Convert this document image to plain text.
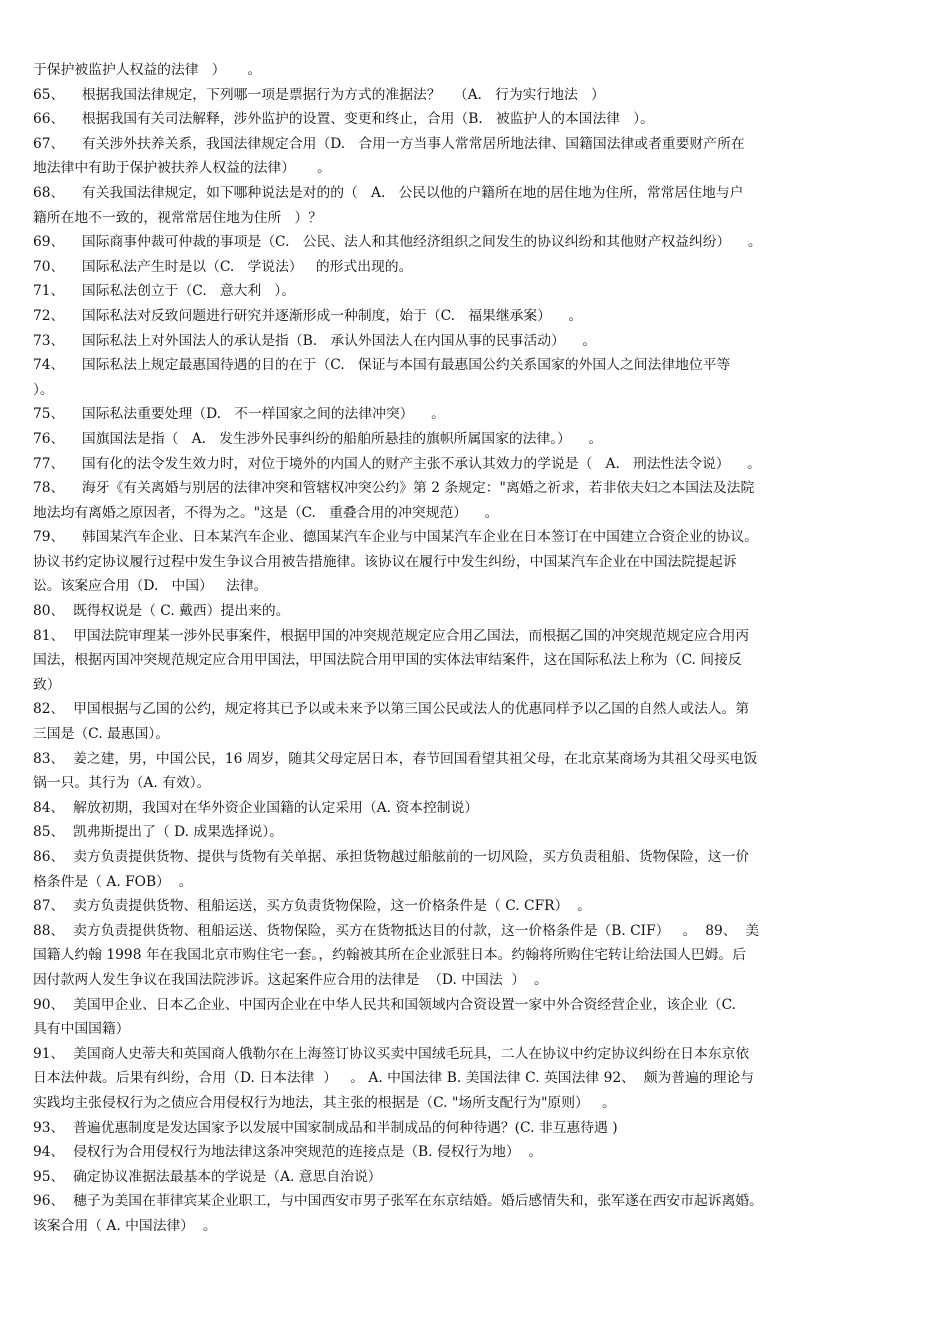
于保护被监护人权益的法律   ）     。
65、    根据我国法律规定，下列哪一项是票据行为方式的准据法？   （A.   行为实行地法   ）
66、    根据我国有关司法解释，涉外监护的设置、变更和终止，合用（B.   被监护人的本国法律   ）。
67、    有关涉外扶养关系，我国法律规定合用（D.   合用一方当事人常常居所地法律、国籍国法律或者重要财产所在
地法律中有助于保护被扶养人权益的法律）     。
68、    有关我国法律规定，如下哪种说法是对的的（   A.   公民以他的户籍所在地的居住地为住所，常常居住地与户
籍所在地不一致的，视常常居住地为住所   ）？
69、    国际商事仲裁可仲裁的事项是（C.   公民、法人和其他经济组织之间发生的协议纠纷和其他财产权益纠纷）    。
70、    国际私法产生时是以（C.   学说法）   的形式出现的。
71、    国际私法创立于（C.   意大利   ）。
72、    国际私法对反致问题进行研究并逐渐形成一种制度，始于（C.   福果继承案）    。
73、    国际私法上对外国法人的承认是指（B.   承认外国法人在内国从事的民事活动）    。
74、    国际私法上规定最惠国待遇的目的在于（C.   保证与本国有最惠国公约关系国家的外国人之间法律地位平等
）。
75、    国际私法重要处理（D.   不一样国家之间的法律冲突）    。
76、    国旗国法是指（   A.   发生涉外民事纠纷的船舶所悬挂的旗帜所属国家的法律。）    。
77、    国有化的法令发生效力时，对位于境外的内国人的财产主张不承认其效力的学说是（   A.   刑法性法令说）    。
78、    海牙《有关离婚与别居的法律冲突和管辖权冲突公约》第 2 条规定："离婚之祈求，若非依夫妇之本国法及法院
地法均有离婚之原因者，不得为之。"这是（C.   重叠合用的冲突规范）    。
79、    韩国某汽车企业、日本某汽车企业、德国某汽车企业与中国某汽车企业在日本签订在中国建立合资企业的协议。
协议书约定协议履行过程中发生争议合用被告措施律。该协议在履行中发生纠纷，中国某汽车企业在中国法院提起诉
讼。该案应合用（D.   中国）   法律。
80、  既得权说是（ C. 戴西）提出来的。
81、  甲国法院审理某一涉外民事案件，根据甲国的冲突规范规定应合用乙国法，而根据乙国的冲突规范规定应合用丙
国法，根据丙国冲突规范规定应合用甲国法，甲国法院合用甲国的实体法审结案件，这在国际私法上称为（C. 间接反
致）
82、  甲国根据与乙国的公约，规定将其已予以或未来予以第三国公民或法人的优惠同样予以乙国的自然人或法人。第
三国是（C. 最惠国）。
83、  姜之建，男，中国公民，16 周岁，随其父母定居日本，春节回国看望其祖父母，在北京某商场为其祖父母买电饭
锅一只。其行为（A. 有效）。
84、  解放初期，我国对在华外资企业国籍的认定采用（A. 资本控制说）
85、  凯弗斯提出了（ D. 成果选择说）。
86、  卖方负责提供货物、提供与货物有关单据、承担货物越过船舷前的一切风险，买方负责租船、货物保险，这一价
格条件是（ A. FOB）  。
87、  卖方负责提供货物、租船运送，买方负责货物保险，这一价格条件是（ C. CFR）  。
88、  卖方负责提供货物、租船运送、货物保险，买方在货物抵达目的付款，这一价格条件是（B. CIF）   。  89、  美
国籍人约翰 1998 年在我国北京市购住宅一套。，约翰被其所在企业派驻日本。约翰将所购住宅转让给法国人巴姆。后
因付款两人发生争议在我国法院涉诉。这起案件应合用的法律是  （D. 中国法  ）  。
90、  美国甲企业、日本乙企业、中国丙企业在中华人民共和国领域内合资设置一家中外合资经营企业，该企业（C.
具有中国国籍）
91、  美国商人史蒂夫和英国商人俄勒尔在上海签订协议买卖中国绒毛玩具，二人在协议中约定协议纠纷在日本东京依
日本法仲裁。后果有纠纷，合用（D. 日本法律  ）   。 A. 中国法律 B. 美国法律 C. 英国法律 92、  颇为普遍的理论与
实践均主张侵权行为之债应合用侵权行为地法，其主张的根据是（C. "场所支配行为"原则）   。
93、  普遍优惠制度是发达国家予以发展中国家制成品和半制成品的何种待遇？(C. 非互惠待遇 )
94、  侵权行为合用侵权行为地法律这条冲突规范的连接点是（B. 侵权行为地）  。
95、  确定协议准据法最基本的学说是（A. 意思自治说）
96、  穗子为美国在菲律宾某企业职工，与中国西安市男子张军在东京结婚。婚后感情失和，张军遂在西安市起诉离婚。
该案合用（ A. 中国法律）  。
